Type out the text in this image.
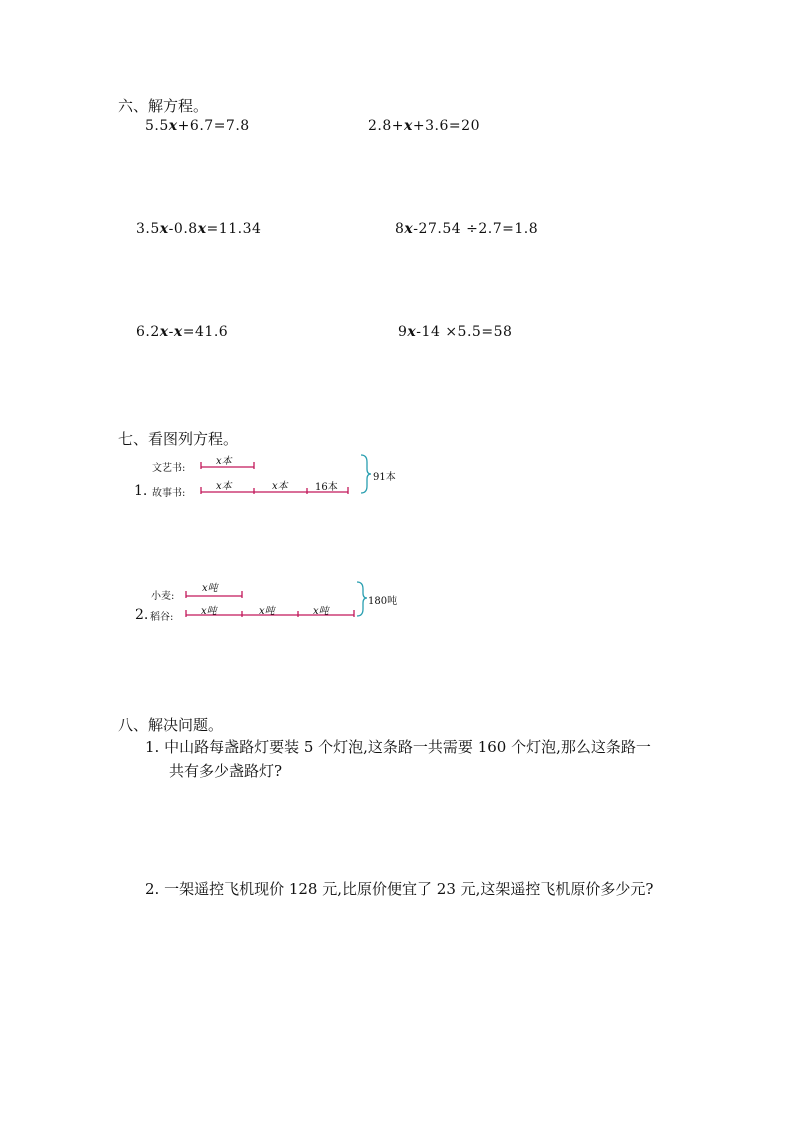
六、解方程。
5.5x+6.7=7.8	2.8+x+3.6=20
3.5x-0.8x=11.34	8x-27.54 ÷2.7=1.8
6.2x-x=41.6	9x-14 ×5.5=58
七、看图列方程。
文艺书:
1. 故事书:
x本
x本	x本	16本
91本
小麦:
2. 稻谷:
x吨
x吨	x吨	x吨
180吨
八、解决问题。
1. 中山路每盏路灯要装 5 个灯泡,这条路一共需要 160 个灯泡,那么这条路一
共有多少盏路灯?
2. 一架遥控飞机现价 128 元,比原价便宜了 23 元,这架遥控飞机原价多少元?
